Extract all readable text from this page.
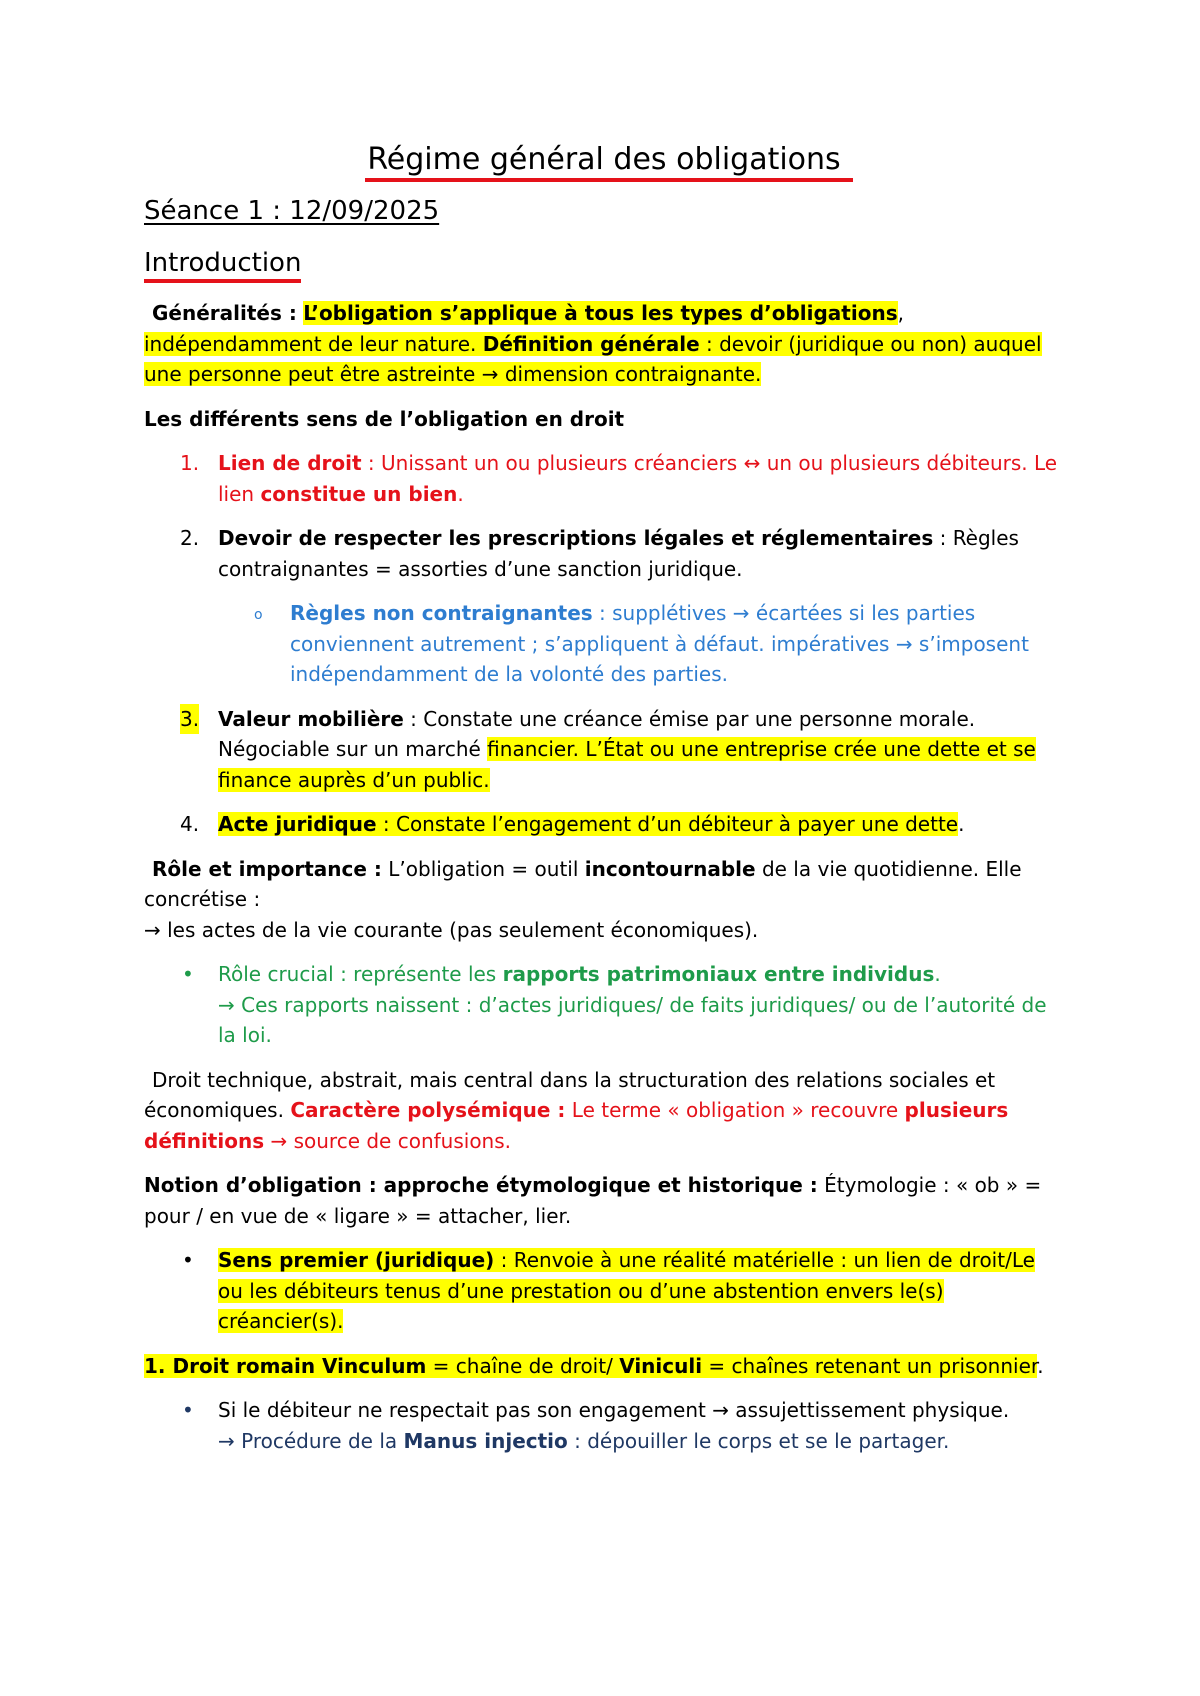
Régime général des obligations
Séance 1 : 12/09/2025
Introduction

Généralités : L’obligation s’applique à tous les types d’obligations, indépendamment de leur nature. Définition générale : devoir (juridique ou non) auquel une personne peut être astreinte → dimension contraignante.

Les différents sens de l’obligation en droit

1. Lien de droit : Unissant un ou plusieurs créanciers ↔ un ou plusieurs débiteurs. Le lien constitue un bien.
2. Devoir de respecter les prescriptions légales et réglementaires : Règles contraignantes = assorties d’une sanction juridique.
o Règles non contraignantes : supplétives → écartées si les parties conviennent autrement ; s’appliquent à défaut. impératives → s’imposent indépendamment de la volonté des parties.
3. Valeur mobilière : Constate une créance émise par une personne morale. Négociable sur un marché financier. L’État ou une entreprise crée une dette et se finance auprès d’un public.
4. Acte juridique : Constate l’engagement d’un débiteur à payer une dette.

Rôle et importance : L’obligation = outil incontournable de la vie quotidienne. Elle concrétise :
→ les actes de la vie courante (pas seulement économiques).

• Rôle crucial : représente les rapports patrimoniaux entre individus.
→ Ces rapports naissent : d’actes juridiques/ de faits juridiques/ ou de l’autorité de la loi.

Droit technique, abstrait, mais central dans la structuration des relations sociales et économiques. Caractère polysémique : Le terme « obligation » recouvre plusieurs définitions → source de confusions.

Notion d’obligation : approche étymologique et historique : Étymologie : « ob » = pour / en vue de « ligare » = attacher, lier.

• Sens premier (juridique) : Renvoie à une réalité matérielle : un lien de droit/Le ou les débiteurs tenus d’une prestation ou d’une abstention envers le(s) créancier(s).

1. Droit romain Vinculum = chaîne de droit/ Viniculi = chaînes retenant un prisonnier.

• Si le débiteur ne respectait pas son engagement → assujettissement physique.
→ Procédure de la Manus injectio : dépouiller le corps et se le partager.
